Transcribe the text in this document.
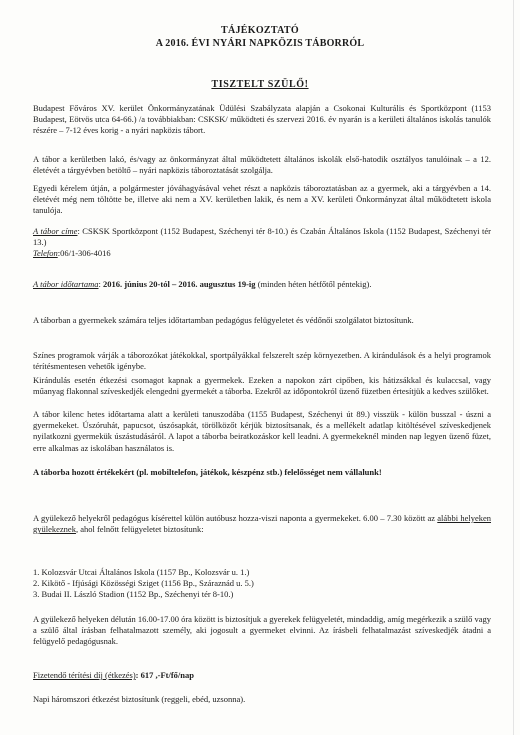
TÁJÉKOZTATÓ
A 2016. ÉVI NYÁRI NAPKÖZIS TÁBORRÓL
TISZTELT SZÜLŐ!
Budapest Főváros XV. kerület Önkormányzatának Üdülési Szabályzata alapján a Csokonai Kulturális és Sportközpont (1153 Budapest, Eötvös utca 64-66.) /a továbbiakban: CSKSK/ működteti és szervezi 2016. év nyarán is a kerületi általános iskolás tanulók részére – 7-12 éves korig - a nyári napközis tábort.
A tábor a kerületben lakó, és/vagy az önkormányzat által működtetett általános iskolák első-hatodik osztályos tanulóinak – a 12. életévét a tárgyévben betöltő – nyári napközis táboroztatását szolgálja.
Egyedi kérelem útján, a polgármester jóváhagyásával vehet részt a napközis táboroztatásban az a gyermek, aki a tárgyévben a 14. életévét még nem töltötte be, illetve aki nem a XV. kerületben lakik, és nem a XV. kerületi Önkormányzat által működtetett iskola tanulója.
A tábor címe: CSKSK Sportközpont (1152 Budapest, Széchenyi tér 8-10.) és Czabán Általános Iskola (1152 Budapest, Széchenyi tér 13.)
Telefon:06/1-306-4016
A tábor időtartama: 2016. június 20-tól – 2016. augusztus 19-ig (minden héten hétfőtől péntekig).
A táborban a gyermekek számára teljes időtartamban pedagógus felügyeletet és védőnői szolgálatot biztosítunk.
Színes programok várják a táborozókat játékokkal, sportpályákkal felszerelt szép környezetben. A kirándulások és a helyi programok térítésmentesen vehetők igénybe.
Kirándulás esetén étkezési csomagot kapnak a gyermekek. Ezeken a napokon zárt cipőben, kis hátizsákkal és kulaccsal, vagy műanyag flakonnal szíveskedjék elengedni gyermekét a táborba. Ezekről az időpontokról üzenő füzetben értesítjük a kedves szülőket.
A tábor kilenc hetes időtartama alatt a kerületi tanuszodába (1155 Budapest, Széchenyi út 89.) visszük - külön busszal - úszni a gyermekeket. Úszóruhát, papucsot, úszósapkát, törölközőt kérjük biztosítsanak, és a mellékelt adatlap kitöltésével szíveskedjenek nyilatkozni gyermekük úszástudásáról. A lapot a táborba beiratkozáskor kell leadni. A gyermekeknél minden nap legyen üzenő füzet, erre alkalmas az iskolában használatos is.
A táborba hozott értékekért (pl. mobiltelefon, játékok, készpénz stb.) felelősséget nem vállalunk!
A gyülekező helyekről pedagógus kísérettel külön autóbusz hozza-viszi naponta a gyermekeket. 6.00 – 7.30 között az alábbi helyeken gyülekeznek, ahol felnőtt felügyeletet biztosítunk:
1. Kolozsvár Utcai Általános Iskola (1157 Bp., Kolozsvár u. 1.)
2. Kikötő - Ifjúsági Közösségi Sziget (1156 Bp., Száraznád u. 5.)
3. Budai II. László Stadion (1152 Bp., Széchenyi tér 8-10.)
A gyülekező helyeken délután 16.00-17.00 óra között is biztosítjuk a gyerekek felügyeletét, mindaddig, amíg megérkezik a szülő vagy a szülő által írásban felhatalmazott személy, aki jogosult a gyermeket elvinni. Az írásbeli felhatalmazást szíveskedjék átadni a felügyelő pedagógusnak.
Fizetendő térítési díj (étkezés): 617 ,-Ft/fő/nap
Napi háromszori étkezést biztosítunk (reggeli, ebéd, uzsonna).
